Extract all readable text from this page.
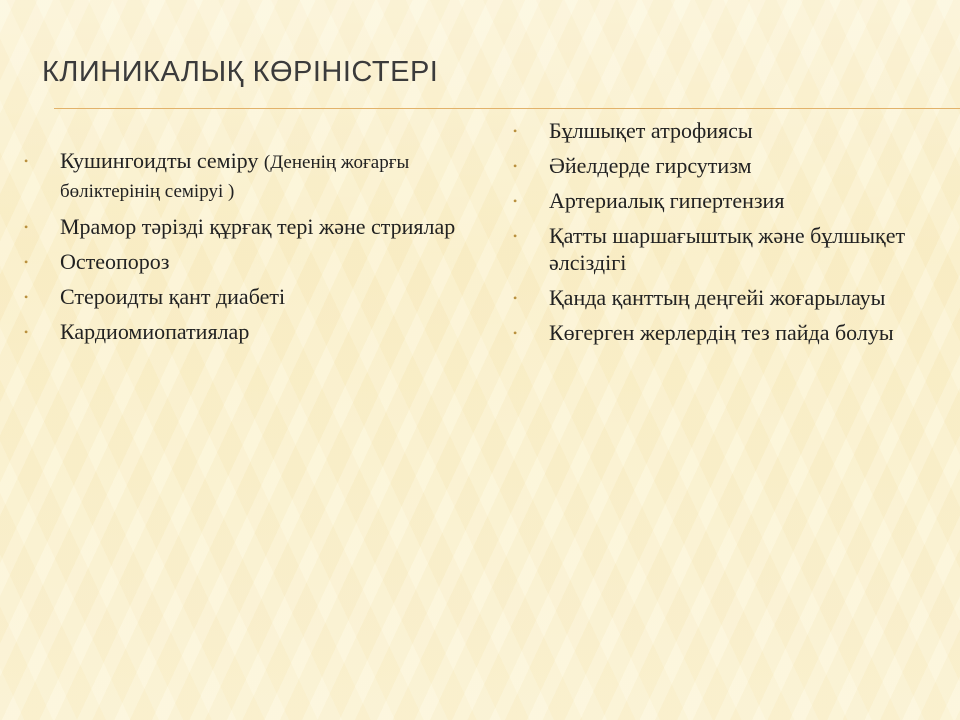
КЛИНИКАЛЫҚ КӨРІНІСТЕРІ
• Кушингоидты семіру (Дененің жоғарғы бөліктерінің семіруі )
• Мрамор тәрізді құрғақ тері және стриялар
• Остеопороз
• Стероидты қант диабеті
• Кардиомиопатиялар
• Бұлшықет атрофиясы
• Әйелдерде гирсутизм
• Артериалық гипертензия
• Қатты шаршағыштық және бұлшықет әлсіздігі
• Қанда қанттың деңгейі жоғарылауы
• Көгерген жерлердің тез пайда болуы
